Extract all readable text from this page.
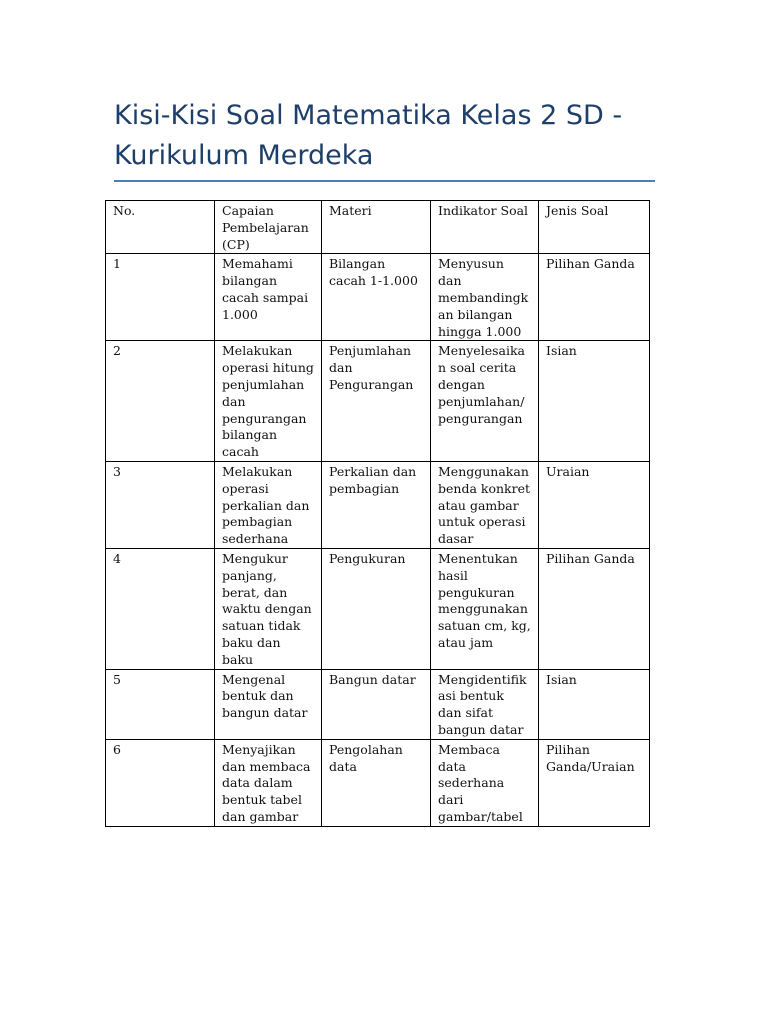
Kisi-Kisi Soal Matematika Kelas 2 SD - Kurikulum Merdeka
No.	Capaian Pembelajaran (CP)	Materi	Indikator Soal	Jenis Soal
1	Memahami bilangan cacah sampai 1.000	Bilangan cacah 1-1.000	Menyusun dan membandingkan bilangan hingga 1.000	Pilihan Ganda
2	Melakukan operasi hitung penjumlahan dan pengurangan bilangan cacah	Penjumlahan dan Pengurangan	Menyelesaikan soal cerita dengan penjumlahan/pengurangan	Isian
3	Melakukan operasi perkalian dan pembagian sederhana	Perkalian dan pembagian	Menggunakan benda konkret atau gambar untuk operasi dasar	Uraian
4	Mengukur panjang, berat, dan waktu dengan satuan tidak baku dan baku	Pengukuran	Menentukan hasil pengukuran menggunakan satuan cm, kg, atau jam	Pilihan Ganda
5	Mengenal bentuk dan bangun datar	Bangun datar	Mengidentifikasi bentuk dan sifat bangun datar	Isian
6	Menyajikan dan membaca data dalam bentuk tabel dan gambar	Pengolahan data	Membaca data sederhana dari gambar/tabel	Pilihan Ganda/Uraian
